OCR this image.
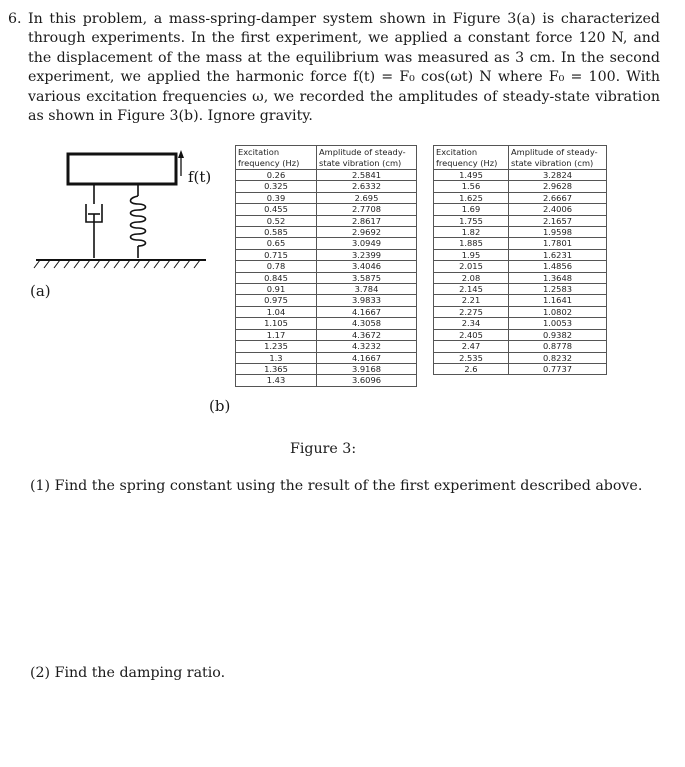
6. In this problem, a mass-spring-damper system shown in Figure 3(a) is characterized through experiments. In the first experiment, we applied a constant force 120 N, and the displacement of the mass at the equilibrium was measured as 3 cm. In the second experiment, we applied the harmonic force f(t) = F₀ cos(ωt) N where F₀ = 100. With various excitation frequencies ω, we recorded the amplitudes of steady-state vibration as shown in Figure 3(b). Ignore gravity.
f(t)
(a)
(b)
Excitation frequency (Hz)	Amplitude of steady-state vibration (cm)
0.26	2.5841
0.325	2.6332
0.39	2.695
0.455	2.7708
0.52	2.8617
0.585	2.9692
0.65	3.0949
0.715	3.2399
0.78	3.4046
0.845	3.5875
0.91	3.784
0.975	3.9833
1.04	4.1667
1.105	4.3058
1.17	4.3672
1.235	4.3232
1.3	4.1667
1.365	3.9168
1.43	3.6096
Excitation frequency (Hz)	Amplitude of steady-state vibration (cm)
1.495	3.2824
1.56	2.9628
1.625	2.6667
1.69	2.4006
1.755	2.1657
1.82	1.9598
1.885	1.7801
1.95	1.6231
2.015	1.4856
2.08	1.3648
2.145	1.2583
2.21	1.1641
2.275	1.0802
2.34	1.0053
2.405	0.9382
2.47	0.8778
2.535	0.8232
2.6	0.7737
Figure 3:
(1) Find the spring constant using the result of the first experiment described above.
(2) Find the damping ratio.
